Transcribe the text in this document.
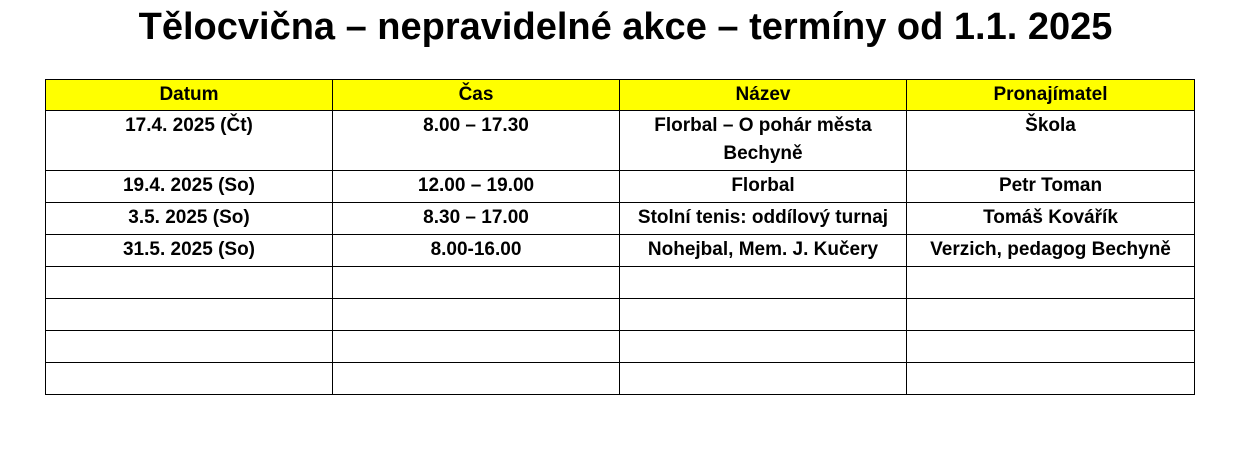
Tělocvična – nepravidelné akce – termíny od 1.1. 2025
Datum	Čas	Název	Pronajímatel
17.4. 2025 (Čt)	8.00 – 17.30	Florbal – O pohár města Bechyně	Škola
19.4. 2025 (So)	12.00 – 19.00	Florbal	Petr Toman
3.5. 2025 (So)	8.30 – 17.00	Stolní tenis: oddílový turnaj	Tomáš Kovářík
31.5. 2025 (So)	8.00-16.00	Nohejbal, Mem. J. Kučery	Verzich, pedagog Bechyně
